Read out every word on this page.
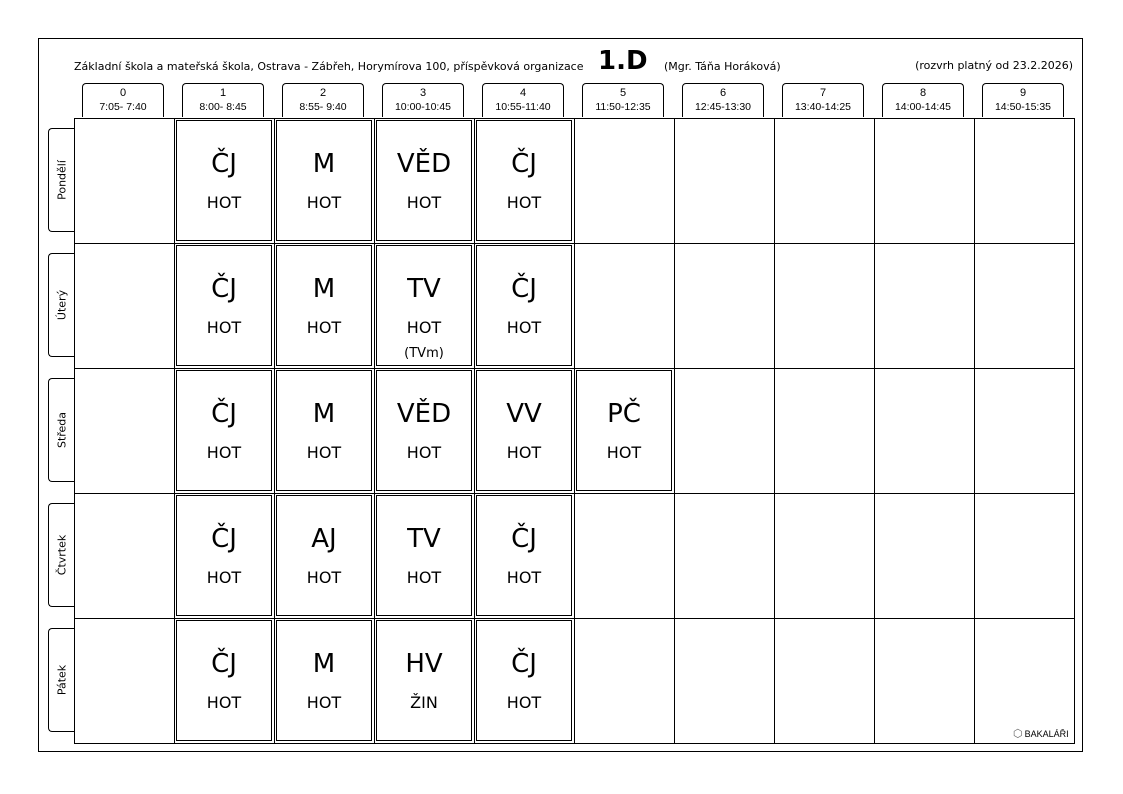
Základní škola a mateřská škola, Ostrava - Zábřeh, Horymírova 100, příspěvková organizace 1.D (Mgr. Táňa Horáková)	(rozvrh platný od 23.2.2026)
0
7:05- 7:40
1
8:00- 8:45
2
8:55- 9:40
3
10:00-10:45
4
10:55-11:40
5
11:50-12:35
6
12:45-13:30
7
13:40-14:25
8
14:00-14:45
9
14:50-15:35
Pondělí
Úterý
Středa
Čtvrtek
Pátek
ČJ
HOT
M
HOT
VĚD
HOT
ČJ
HOT
ČJ
HOT
M
HOT
TV
HOT
(TVm)
ČJ
HOT
ČJ
HOT
M
HOT
VĚD
HOT
VV
HOT
PČ
HOT
ČJ
HOT
AJ
HOT
TV
HOT
ČJ
HOT
ČJ
HOT
M
HOT
HV
ŽIN
ČJ
HOT
⬡ BAKALÁŘI
